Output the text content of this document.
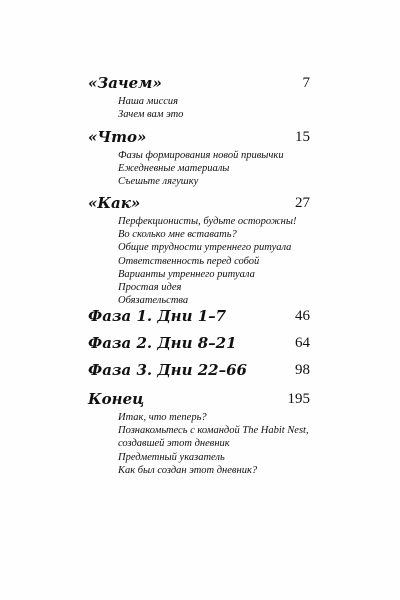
«Зачем»	7
Наша миссия
Зачем вам это
«Что»	15
Фазы формирования новой привычки
Ежедневные материалы
Съешьте лягушку
«Как»	27
Перфекционисты, будьте осторожны!
Во сколько мне вставать?
Общие трудности утреннего ритуала
Ответственность перед собой
Варианты утреннего ритуала
Простая идея
Обязательства
Фаза 1. Дни 1–7	46
Фаза 2. Дни 8–21	64
Фаза 3. Дни 22–66	98
Конец	195
Итак, что теперь?
Познакомьтесь с командой The Habit Nest,
создавшей этот дневник
Предметный указатель
Как был создан этот дневник?
